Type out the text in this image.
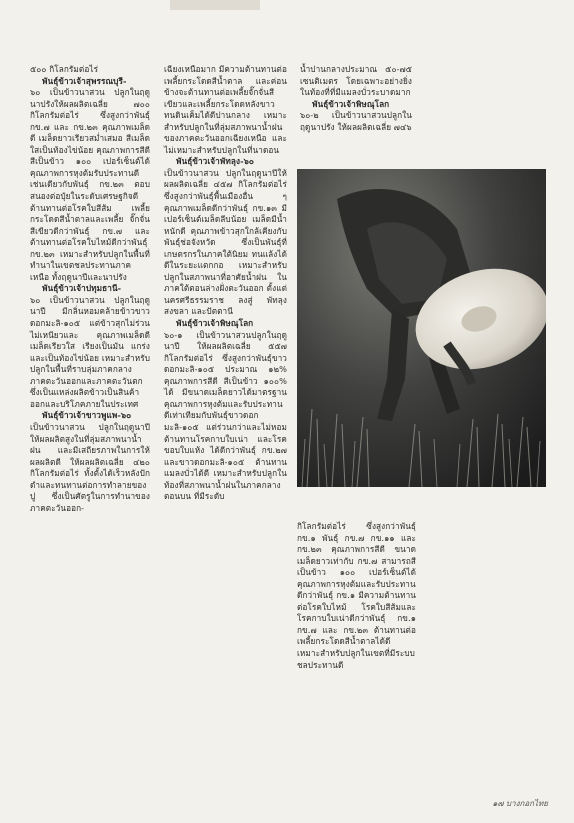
๕๐๐ กิโลกรัมต่อไร่

พันธุ์ข้าวเจ้าสุพรรณบุรี-
๖๐ เป็นข้าวนาสวน ปลูกในฤดูนาปรังให้ผลผลิตเฉลี่ย ๗๐๐ กิโลกรัมต่อไร่ ซึ่งสูงกว่าพันธุ์ กข.๗ และ กข.๒๓ คุณภาพเมล็ดดี เมล็ดยาวเรียวสม่ำเสมอ สีเมล็ดใสเป็นท้องไข่น้อย คุณภาพการสีดี สีเป็นข้าว ๑๐๐ เปอร์เซ็นต์ได้ คุณภาพการหุงต้มรับประทานดีเช่นเดียวกับพันธุ์ กข.๒๓ ตอบสนองต่อปุ๋ยในระดับเศรษฐกิจดี ต้านทานต่อโรคใบสีส้ม เพลี้ยกระโดดสีน้ำตาลและเพลี้ย จั๊กจั่นสีเขียวดีกว่าพันธุ์ กข.๗ และต้านทานต่อโรคใบไหม้ดีกว่าพันธุ์ กข.๒๓ เหมาะสำหรับปลูกในพื้นที่ทำนาในเขตชลประทานภาคเหนือ ทั้งฤดูนาปีและนาปรัง

พันธุ์ข้าวเจ้าปทุมธานี-
๖๐ เป็นข้าวนาสวน ปลูกในฤดูนาปี มีกลิ่นหอมคล้ายข้าวขาวดอกมะลิ-๑๐๕ แต่ข้าวสุกไม่ร่วน ไม่เหนียวและ คุณภาพเมล็ดดี เมล็ดเรียวใส เรียงเป็นมัน แกร่ง และเป็นท้องไข่น้อย เหมาะสำหรับปลูกในพื้นที่ราบลุ่มภาคกลาง ภาคตะวันออกและภาคตะวันตก ซึ่งเป็นแหล่งผลิตข้าวเป็นสินค้าออกและบริโภคภายในประเทศ

พันธุ์ข้าวเจ้าขาวพูแพ-๖๐
เป็นข้าวนาสวน ปลูกในฤดูนาปี ให้ผลผลิตสูงในที่ลุ่มสภาพนาน้ำฝน และมีเสถียรภาพในการให้ผลผลิตดี ให้ผลผลิตเฉลี่ย ๔๒๐ กิโลกรัมต่อไร่ ทั้งตั้งได้เร็วหลังปักดำและทนทานต่อการทำลายของปู ซึ่งเป็นศัตรูในการทำนาของภาคตะวันออก-

เฉียงเหนือมาก มีความต้านทานต่อเพลี้ยกระโดดสีน้ำตาล และค่อนข้างจะต้านทานต่อเพลี้ยจั๊กจั่นสีเขียวและเพลี้ยกระโดดหลังขาว ทนดินเค็มได้ดีปานกลาง เหมาะสำหรับปลูกในที่ลุ่มสภาพนาน้ำฝน ของภาคตะวันออกเฉียงเหนือ และไม่เหมาะสำหรับปลูกในที่นาดอน

พันธุ์ข้าวเจ้าพัทลุง-๖๐
เป็นข้าวนาสวน ปลูกในฤดูนาปีให้ผลผลิตเฉลี่ย ๔๕๗ กิโลกรัมต่อไร่ ซึ่งสูงกว่าพันธุ์พื้นเมืองอื่น ๆ คุณภาพเมล็ดดีกว่าพันธุ์ กข.๑๓ มีเปอร์เซ็นต์เมล็ดลีบน้อย เมล็ดมีน้ำหนักดี คุณภาพข้าวสุกใกล้เคียงกับพันธุ์ช่อจังหวัด ซึ่งเป็นพันธุ์ที่เกษตรกรในภาคใต้นิยม ทนแล้งได้ดีในระยะแตกกอ เหมาะสำหรับปลูกในสภาพนาที่อาศัยน้ำฝน ในภาคใต้ตอนล่างฝั่งตะวันออก ตั้งแต่นครศรีธรรมราช ลงสู่ พัทลุง สงขลา และปัตตานี

พันธุ์ข้าวเจ้าพิษณุโลก
๖๐-๑ เป็นข้าวนาสวนปลูกในฤดูนาปี ให้ผลผลิตเฉลี่ย ๕๕๗ กิโลกรัมต่อไร่ ซึ่งสูงกว่าพันธุ์ขาวดอกมะลิ-๑๐๕ ประมาณ ๑๒% คุณภาพการสีดี สีเป็นข้าว ๑๐๐% ได้ มีขนาดเมล็ดยาวได้มาตรฐาน คุณภาพการหุงต้มและรับประทานดีเท่าเทียมกับพันธุ์ขาวดอกมะลิ-๑๐๕ แต่ร่วนกว่าและไม่หอม ต้านทานโรคกาบใบเน่า และโรคขอบใบแห้ง ได้ดีกว่าพันธุ์ กข.๒๗ และขาวดอกมะลิ-๑๐๕ ต้านทานแมลงบั่วได้ดี เหมาะสำหรับปลูกในท้องที่สภาพนาน้ำฝนในภาคกลางตอนบน ที่มีระดับ

น้ำปานกลางประมาณ ๕๐-๗๕ เซนติเมตร โดยเฉพาะอย่างยิ่งในท้องที่ที่มีแมลงบั่วระบาดมาก

พันธุ์ข้าวเจ้าพิษณุโลก
๖๐-๒ เป็นข้าวนาสวนปลูกในฤดูนาปรัง ให้ผลผลิตเฉลี่ย ๗๔๖

กิโลกรัมต่อไร่ ซึ่งสูงกว่าพันธุ์ กข.๑ พันธุ์ กข.๗ กข.๑๑ และ กข.๒๓ คุณภาพการสีดี ขนาดเมล็ดยาวเท่ากับ กข.๗ สามารถสีเป็นข้าว ๑๐๐ เปอร์เซ็นต์ได้ คุณภาพการหุงต้มและรับประทานดีกว่าพันธุ์ กข.๑ มีความต้านทานต่อโรคใบไหม้ โรคใบสีส้มและโรคกาบใบเน่าดีกว่าพันธุ์ กข.๑ กข.๗ และ กข.๒๓ ต้านทานต่อเพลี้ยกระโดดสีน้ำตาลได้ดี เหมาะสำหรับปลูกในเขตที่มีระบบชลประทานดี

๑๗ บางกอกไทย
